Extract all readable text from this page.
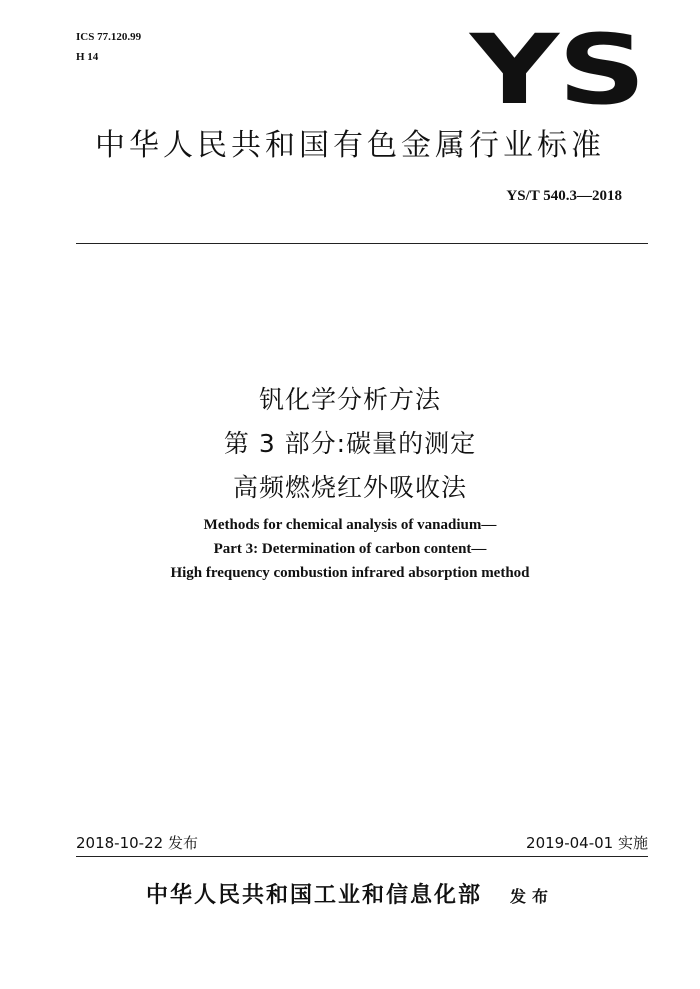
ICS 77.120.99
H 14	YS
中华人民共和国有色金属行业标准
YS/T 540.3—2018
钒化学分析方法
第 3 部分:碳量的测定
高频燃烧红外吸收法
Methods for chemical analysis of vanadium—
Part 3: Determination of carbon content—
High frequency combustion infrared absorption method
2018-10-22 发布	2019-04-01 实施
中华人民共和国工业和信息化部 发布
